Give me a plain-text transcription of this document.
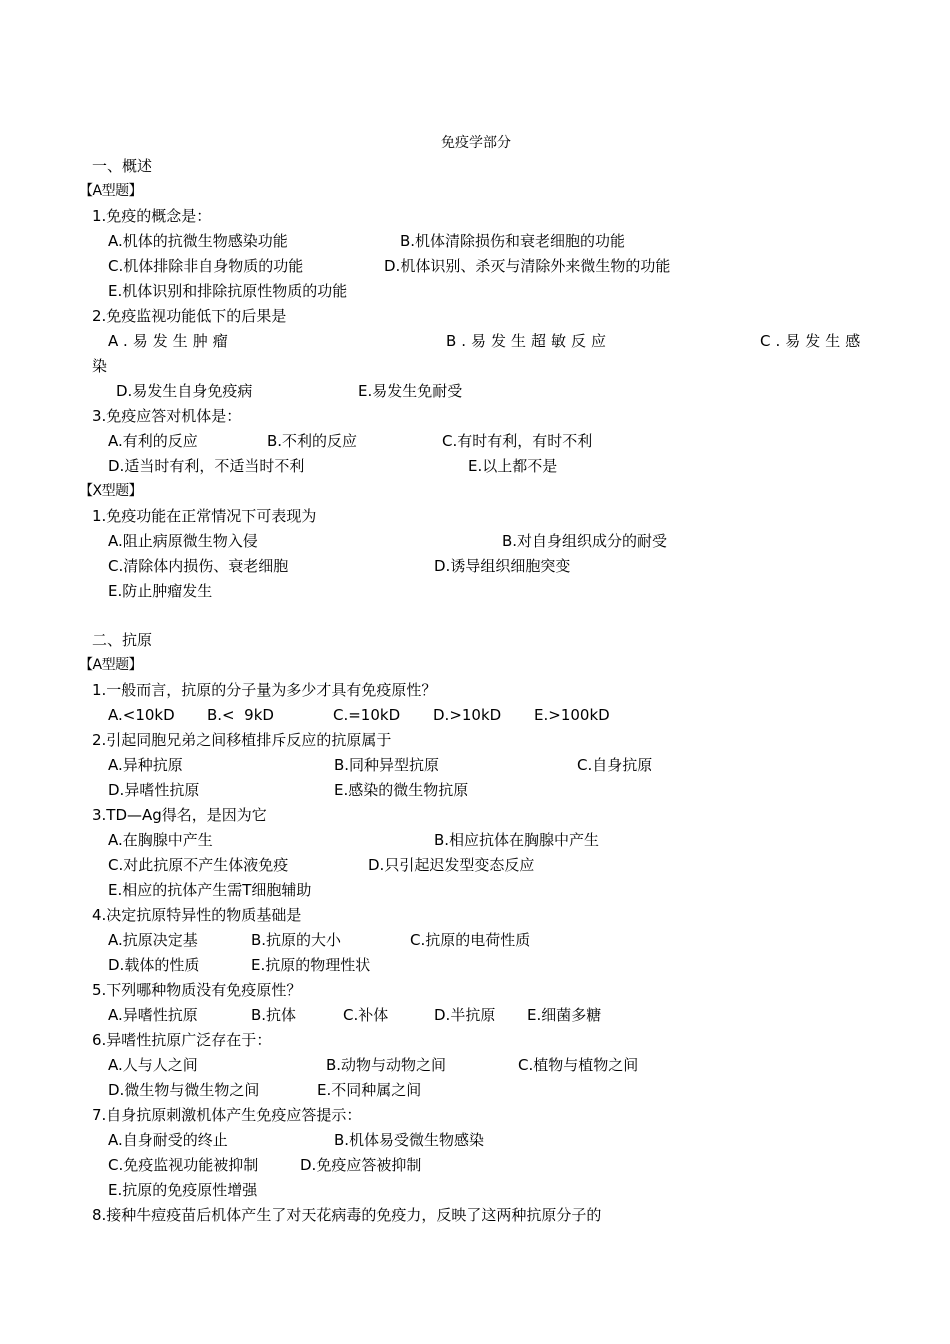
免疫学部分
一、概述
【A型题】
1.免疫的概念是：
A.机体的抗微生物感染功能	B.机体清除损伤和衰老细胞的功能
C.机体排除非自身物质的功能	D.机体识别、杀灭与清除外来微生物的功能
E.机体识别和排除抗原性物质的功能
2.免疫监视功能低下的后果是
A.易发生肿瘤	B.易发生超敏反应	C.易发生感
染
D.易发生自身免疫病	E.易发生免耐受
3.免疫应答对机体是：
A.有利的反应	B.不利的反应	C.有时有利，有时不利
D.适当时有利，不适当时不利	E.以上都不是
【X型题】
1.免疫功能在正常情况下可表现为
A.阻止病原微生物入侵	B.对自身组织成分的耐受
C.清除体内损伤、衰老细胞	D.诱导组织细胞突变
E.防止肿瘤发生
二、抗原
【A型题】
1.一般而言，抗原的分子量为多少才具有免疫原性？
A.<10kD B.<  9kD	C.=10kD D.>10kD E.>100kD
2.引起同胞兄弟之间移植排斥反应的抗原属于
A.异种抗原	B.同种异型抗原	C.自身抗原
D.异嗜性抗原	E.感染的微生物抗原
3.TD—Ag得名，是因为它
A.在胸腺中产生	B.相应抗体在胸腺中产生
C.对此抗原不产生体液免疫	D.只引起迟发型变态反应
E.相应的抗体产生需T细胞辅助
4.决定抗原特异性的物质基础是
A.抗原决定基	B.抗原的大小	C.抗原的电荷性质
D.载体的性质	E.抗原的物理性状
5.下列哪种物质没有免疫原性？
A.异嗜性抗原	B.抗体	C.补体	D.半抗原 E.细菌多糖
6.异嗜性抗原广泛存在于：
A.人与人之间	B.动物与动物之间	C.植物与植物之间
D.微生物与微生物之间	E.不同种属之间
7.自身抗原刺激机体产生免疫应答提示：
A.自身耐受的终止	B.机体易受微生物感染
C.免疫监视功能被抑制	D.免疫应答被抑制
E.抗原的免疫原性增强
8.接种牛痘疫苗后机体产生了对天花病毒的免疫力，反映了这两种抗原分子的
